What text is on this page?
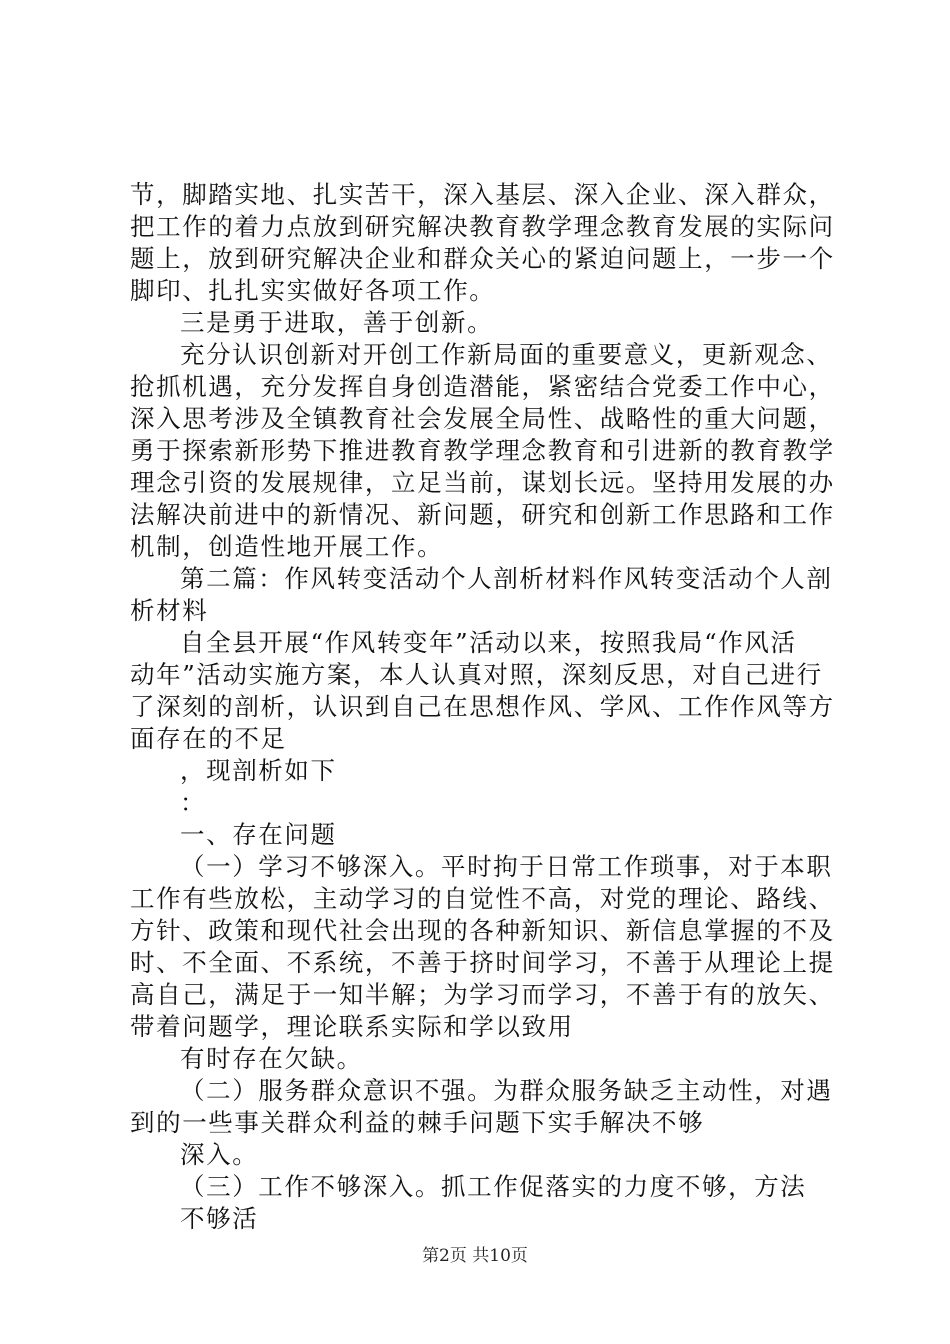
节，脚踏实地、扎实苦干，深入基层、深入企业、深入群众，
把工作的着力点放到研究解决教育教学理念教育发展的实际问
题上，放到研究解决企业和群众关心的紧迫问题上，一步一个
脚印、扎扎实实做好各项工作。
三是勇于进取，善于创新。
充分认识创新对开创工作新局面的重要意义，更新观念、
抢抓机遇，充分发挥自身创造潜能，紧密结合党委工作中心，
深入思考涉及全镇教育社会发展全局性、战略性的重大问题，
勇于探索新形势下推进教育教学理念教育和引进新的教育教学
理念引资的发展规律，立足当前，谋划长远。坚持用发展的办
法解决前进中的新情况、新问题，研究和创新工作思路和工作
机制，创造性地开展工作。
第二篇：作风转变活动个人剖析材料作风转变活动个人剖
析材料
自全县开展“作风转变年”活动以来，按照我局“作风活
动年”活动实施方案，本人认真对照，深刻反思，对自己进行
了深刻的剖析，认识到自己在思想作风、学风、工作作风等方
面存在的不足
，现剖析如下
：
一、存在问题
（一）学习不够深入。平时拘于日常工作琐事，对于本职
工作有些放松，主动学习的自觉性不高，对党的理论、路线、
方针、政策和现代社会出现的各种新知识、新信息掌握的不及
时、不全面、不系统，不善于挤时间学习，不善于从理论上提
高自己，满足于一知半解；为学习而学习，不善于有的放矢、
带着问题学，理论联系实际和学以致用
有时存在欠缺。
（二）服务群众意识不强。为群众服务缺乏主动性，对遇
到的一些事关群众利益的棘手问题下实手解决不够
深入。
（三）工作不够深入。抓工作促落实的力度不够，方法
不够活
第2页 共10页
